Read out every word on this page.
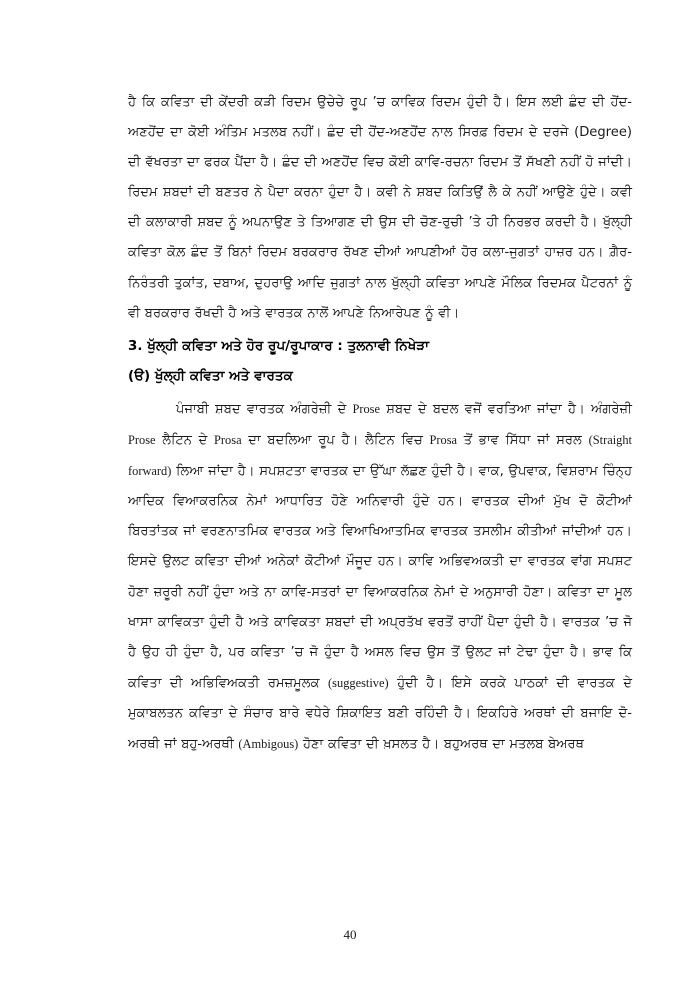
ਹੈ ਕਿ ਕਵਿਤਾ ਦੀ ਕੇਂਦਰੀ ਕੜੀ ਰਿਦਮ ਉਚੇਚੇ ਰੂਪ ’ਚ ਕਾਵਿਕ ਰਿਦਮ ਹੁੰਦੀ ਹੈ। ਇਸ ਲਈ ਛੰਦ ਦੀ ਹੋਂਦ-ਅਣਹੋਂਦ ਦਾ ਕੋਈ ਅੰਤਿਮ ਮਤਲਬ ਨਹੀਂ। ਛੰਦ ਦੀ ਹੋਂਦ-ਅਣਹੋਂਦ ਨਾਲ ਸਿਰਫ਼ ਰਿਦਮ ਦੇ ਦਰਜੇ (Degree) ਦੀ ਵੱਖਰਤਾ ਦਾ ਫਰਕ ਪੈਂਦਾ ਹੈ। ਛੰਦ ਦੀ ਅਣਹੋਂਦ ਵਿਚ ਕੋਈ ਕਾਵਿ-ਰਚਨਾ ਰਿਦਮ ਤੋਂ ਸੱਖਣੀ ਨਹੀਂ ਹੋ ਜਾਂਦੀ। ਰਿਦਮ ਸ਼ਬਦਾਂ ਦੀ ਬਣਤਰ ਨੇ ਪੈਦਾ ਕਰਨਾ ਹੁੰਦਾ ਹੈ। ਕਵੀ ਨੇ ਸ਼ਬਦ ਕਿਤਿਉਂ ਲੈ ਕੇ ਨਹੀਂ ਆਉਣੇ ਹੁੰਦੇ। ਕਵੀ ਦੀ ਕਲਾਕਾਰੀ ਸ਼ਬਦ ਨੂੰ ਅਪਨਾਉਣ ਤੇ ਤਿਆਗਣ ਦੀ ਉਸ ਦੀ ਚੋਣ-ਰੁਚੀ ’ਤੇ ਹੀ ਨਿਰਭਰ ਕਰਦੀ ਹੈ। ਖੁੱਲ੍ਹੀ ਕਵਿਤਾ ਕੋਲ਼ ਛੰਦ ਤੋਂ ਬਿਨਾਂ ਰਿਦਮ ਬਰਕਰਾਰ ਰੱਖਣ ਦੀਆਂ ਆਪਣੀਆਂ ਹੋਰ ਕਲਾ-ਜੁਗਤਾਂ ਹਾਜ਼ਰ ਹਨ। ਗ਼ੈਰ-ਨਿਰੰਤਰੀ ਤੁਕਾਂਤ, ਦਬਾਅ, ਦੁਹਰਾਉ ਆਦਿ ਜੁਗਤਾਂ ਨਾਲ ਖੁੱਲ੍ਹੀ ਕਵਿਤਾ ਆਪਣੇ ਮੌਲਿਕ ਰਿਦਮਕ ਪੈਟਰਨਾਂ ਨੂੰ ਵੀ ਬਰਕਰਾਰ ਰੱਖਦੀ ਹੈ ਅਤੇ ਵਾਰਤਕ ਨਾਲੋਂ ਆਪਣੇ ਨਿਆਰੇਪਣ ਨੂੰ ਵੀ।

3. ਖੁੱਲ੍ਹੀ ਕਵਿਤਾ ਅਤੇ ਹੋਰ ਰੂਪ/ਰੂਪਾਕਾਰ : ਤੁਲਨਾਵੀ ਨਿਖੇੜਾ
(ੳ) ਖੁੱਲ੍ਹੀ ਕਵਿਤਾ ਅਤੇ ਵਾਰਤਕ

ਪੰਜਾਬੀ ਸ਼ਬਦ ਵਾਰਤਕ ਅੰਗਰੇਜ਼ੀ ਦੇ Prose ਸ਼ਬਦ ਦੇ ਬਦਲ ਵਜੋਂ ਵਰਤਿਆ ਜਾਂਦਾ ਹੈ। ਅੰਗਰੇਜ਼ੀ Prose ਲੈਟਿਨ ਦੇ Prosa ਦਾ ਬਦਲਿਆ ਰੂਪ ਹੈ। ਲੈਟਿਨ ਵਿਚ Prosa ਤੋਂ ਭਾਵ ਸਿੱਧਾ ਜਾਂ ਸਰਲ (Straight forward) ਲਿਆ ਜਾਂਦਾ ਹੈ। ਸਪਸ਼ਟਤਾ ਵਾਰਤਕ ਦਾ ਉੱਘਾ ਲੱਛਣ ਹੁੰਦੀ ਹੈ। ਵਾਕ, ਉਪਵਾਕ, ਵਿਸ਼ਰਾਮ ਚਿੰਨ੍ਹ ਆਦਿਕ ਵਿਆਕਰਨਿਕ ਨੇਮਾਂ ਆਧਾਰਿਤ ਹੋਣੇ ਅਨਿਵਾਰੀ ਹੁੰਦੇ ਹਨ। ਵਾਰਤਕ ਦੀਆਂ ਮੁੱਖ ਦੋ ਕੋਟੀਆਂ ਬਿਰਤਾਂਤਕ ਜਾਂ ਵਰਣਨਾਤਮਿਕ ਵਾਰਤਕ ਅਤੇ ਵਿਆਖਿਆਤਮਿਕ ਵਾਰਤਕ ਤਸਲੀਮ ਕੀਤੀਆਂ ਜਾਂਦੀਆਂ ਹਨ। ਇਸਦੇ ਉਲਟ ਕਵਿਤਾ ਦੀਆਂ ਅਨੇਕਾਂ ਕੋਟੀਆਂ ਮੌਜੂਦ ਹਨ। ਕਾਵਿ ਅਭਿਵਅਕਤੀ ਦਾ ਵਾਰਤਕ ਵਾਂਗ ਸਪਸ਼ਟ ਹੋਣਾ ਜ਼ਰੂਰੀ ਨਹੀਂ ਹੁੰਦਾ ਅਤੇ ਨਾ ਕਾਵਿ-ਸਤਰਾਂ ਦਾ ਵਿਆਕਰਨਿਕ ਨੇਮਾਂ ਦੇ ਅਨੁਸਾਰੀ ਹੋਣਾ। ਕਵਿਤਾ ਦਾ ਮੂਲ ਖਾਸਾ ਕਾਵਿਕਤਾ ਹੁੰਦੀ ਹੈ ਅਤੇ ਕਾਵਿਕਤਾ ਸ਼ਬਦਾਂ ਦੀ ਅਪ੍ਰਤੱਖ ਵਰਤੋਂ ਰਾਹੀਂ ਪੈਦਾ ਹੁੰਦੀ ਹੈ। ਵਾਰਤਕ ’ਚ ਜੋ ਹੈ ਉਹ ਹੀ ਹੁੰਦਾ ਹੈ, ਪਰ ਕਵਿਤਾ ’ਚ ਜੋ ਹੁੰਦਾ ਹੈ ਅਸਲ ਵਿਚ ਉਸ ਤੋਂ ਉਲਟ ਜਾਂ ਟੇਢਾ ਹੁੰਦਾ ਹੈ। ਭਾਵ ਕਿ ਕਵਿਤਾ ਦੀ ਅਭਿਵਿਅਕਤੀ ਰਮਜ਼ਮੂਲਕ (suggestive) ਹੁੰਦੀ ਹੈ। ਇਸੇ ਕਰਕੇ ਪਾਠਕਾਂ ਦੀ ਵਾਰਤਕ ਦੇ ਮੁਕਾਬਲਤਨ ਕਵਿਤਾ ਦੇ ਸੰਚਾਰ ਬਾਰੇ ਵਧੇਰੇ ਸ਼ਿਕਾਇਤ ਬਣੀ ਰਹਿੰਦੀ ਹੈ। ਇਕਹਿਰੇ ਅਰਥਾਂ ਦੀ ਬਜਾਇ ਦੋ-ਅਰਥੀ ਜਾਂ ਬਹੁ-ਅਰਥੀ (Ambigous) ਹੋਣਾ ਕਵਿਤਾ ਦੀ ਖ਼ਸਲਤ ਹੈ। ਬਹੁਅਰਥ ਦਾ ਮਤਲਬ ਬੇਅਰਥ

40
